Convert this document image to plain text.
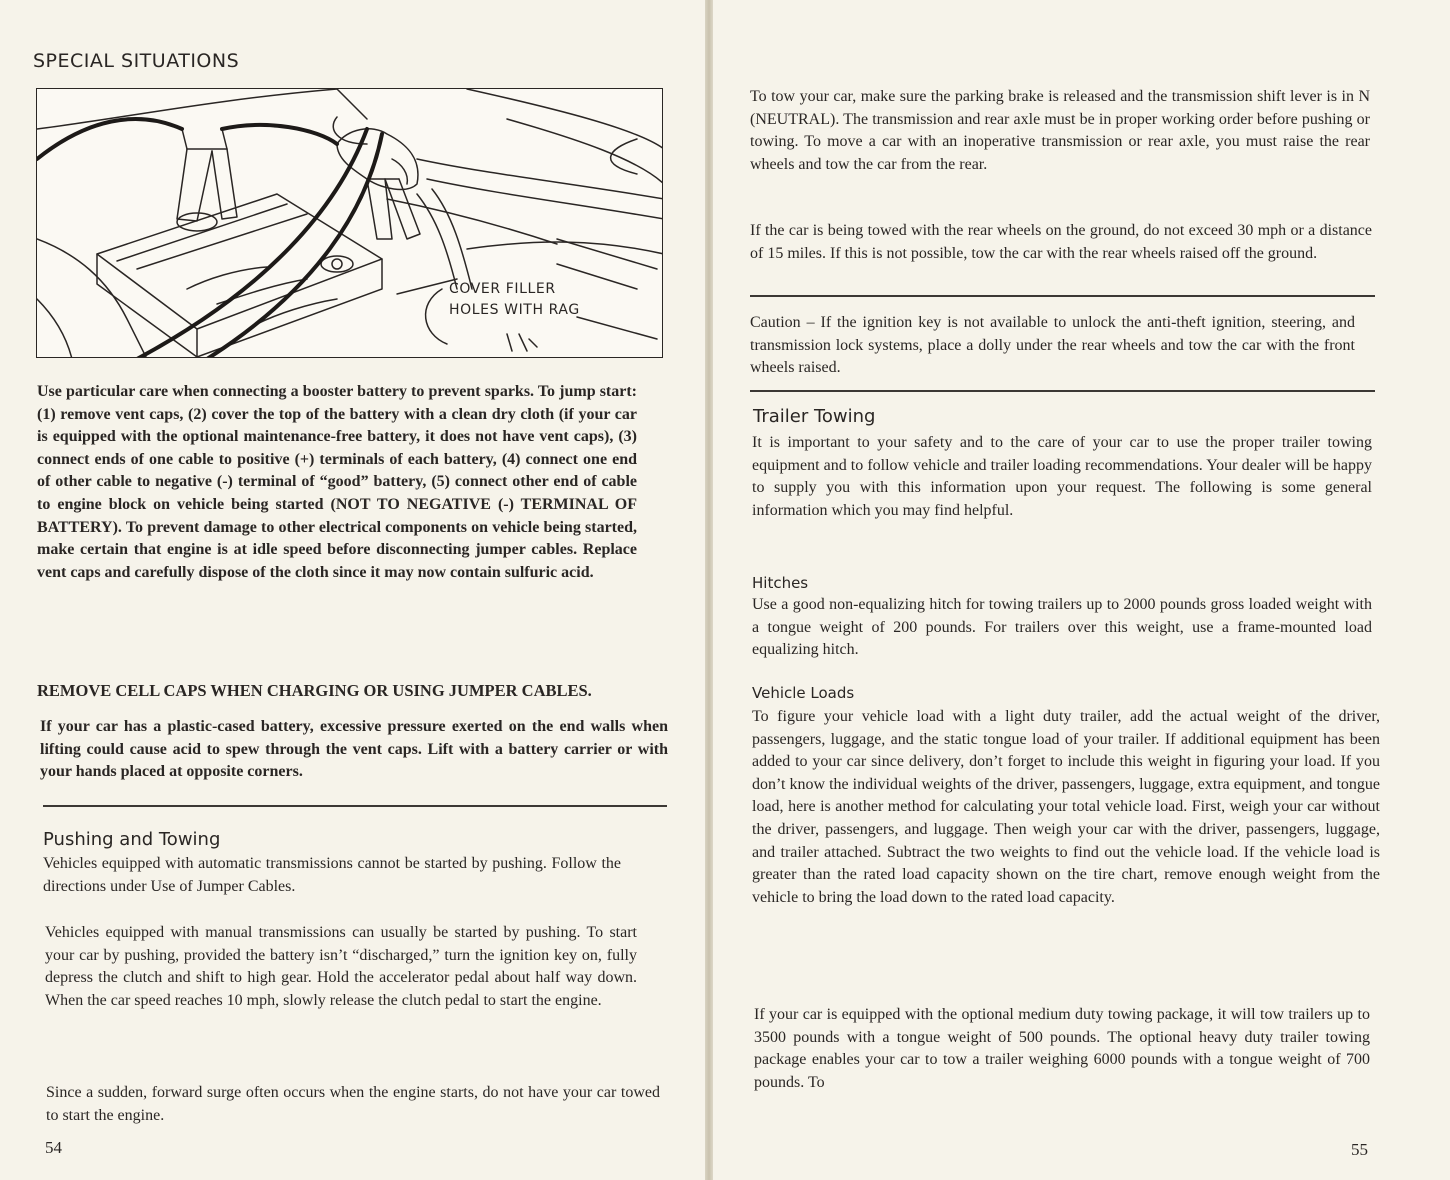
SPECIAL SITUATIONS
COVER FILLER
HOLES WITH RAG

Use particular care when connecting a booster battery to prevent sparks. To jump start: (1) remove vent caps, (2) cover the top of the battery with a clean dry cloth (if your car is equipped with the optional maintenance-free battery, it does not have vent caps), (3) connect ends of one cable to positive (+) terminals of each battery, (4) connect one end of other cable to negative (-) terminal of “good” battery, (5) connect other end of cable to engine block on vehicle being started (NOT TO NEGATIVE (-) TERMINAL OF BATTERY). To prevent damage to other electrical components on vehicle being started, make certain that engine is at idle speed before disconnecting jumper cables. Replace vent caps and carefully dispose of the cloth since it may now contain sulfuric acid.

REMOVE CELL CAPS WHEN CHARGING OR USING JUMPER CABLES.

If your car has a plastic-cased battery, excessive pressure exerted on the end walls when lifting could cause acid to spew through the vent caps. Lift with a battery carrier or with your hands placed at opposite corners.

Pushing and Towing

Vehicles equipped with automatic transmissions cannot be started by pushing. Follow the directions under Use of Jumper Cables.

Vehicles equipped with manual transmissions can usually be started by pushing. To start your car by pushing, provided the battery isn’t “discharged,” turn the ignition key on, fully depress the clutch and shift to high gear. Hold the accelerator pedal about half way down. When the car speed reaches 10 mph, slowly release the clutch pedal to start the engine.

Since a sudden, forward surge often occurs when the engine starts, do not have your car towed to start the engine.

54

To tow your car, make sure the parking brake is released and the transmission shift lever is in N (NEUTRAL). The transmission and rear axle must be in proper working order before pushing or towing. To move a car with an inoperative transmission or rear axle, you must raise the rear wheels and tow the car from the rear.

If the car is being towed with the rear wheels on the ground, do not exceed 30 mph or a distance of 15 miles. If this is not possible, tow the car with the rear wheels raised off the ground.

Caution – If the ignition key is not available to unlock the anti-theft ignition, steering, and transmission lock systems, place a dolly under the rear wheels and tow the car with the front wheels raised.

Trailer Towing

It is important to your safety and to the care of your car to use the proper trailer towing equipment and to follow vehicle and trailer loading recommendations. Your dealer will be happy to supply you with this information upon your request. The following is some general information which you may find helpful.

Hitches

Use a good non-equalizing hitch for towing trailers up to 2000 pounds gross loaded weight with a tongue weight of 200 pounds. For trailers over this weight, use a frame-mounted load equalizing hitch.

Vehicle Loads

To figure your vehicle load with a light duty trailer, add the actual weight of the driver, passengers, luggage, and the static tongue load of your trailer. If additional equipment has been added to your car since delivery, don’t forget to include this weight in figuring your load. If you don’t know the individual weights of the driver, passengers, luggage, extra equipment, and tongue load, here is another method for calculating your total vehicle load. First, weigh your car without the driver, passengers, and luggage. Then weigh your car with the driver, passengers, luggage, and trailer attached. Subtract the two weights to find out the vehicle load. If the vehicle load is greater than the rated load capacity shown on the tire chart, remove enough weight from the vehicle to bring the load down to the rated load capacity.

If your car is equipped with the optional medium duty towing package, it will tow trailers up to 3500 pounds with a tongue weight of 500 pounds. The optional heavy duty trailer towing package enables your car to tow a trailer weighing 6000 pounds with a tongue weight of 700 pounds. To

55
